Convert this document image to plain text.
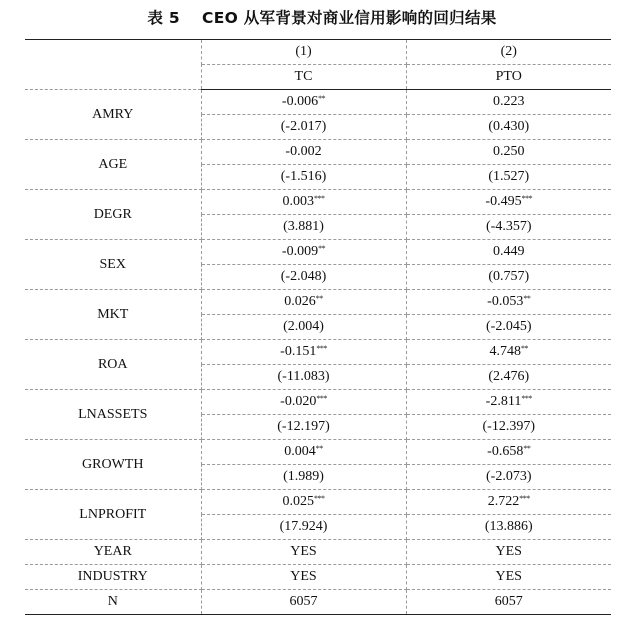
表 5 CEO 从军背景对商业信用影响的回归结果
	(1)	(2)
	TC	PTO
AMRY	-0.006**	0.223
	(-2.017)	(0.430)
AGE	-0.002	0.250
	(-1.516)	(1.527)
DEGR	0.003***	-0.495***
	(3.881)	(-4.357)
SEX	-0.009**	0.449
	(-2.048)	(0.757)
MKT	0.026**	-0.053**
	(2.004)	(-2.045)
ROA	-0.151***	4.748**
	(-11.083)	(2.476)
LNASSETS	-0.020***	-2.811***
	(-12.197)	(-12.397)
GROWTH	0.004**	-0.658**
	(1.989)	(-2.073)
LNPROFIT	0.025***	2.722***
	(17.924)	(13.886)
YEAR	YES	YES
INDUSTRY	YES	YES
N	6057	6057
